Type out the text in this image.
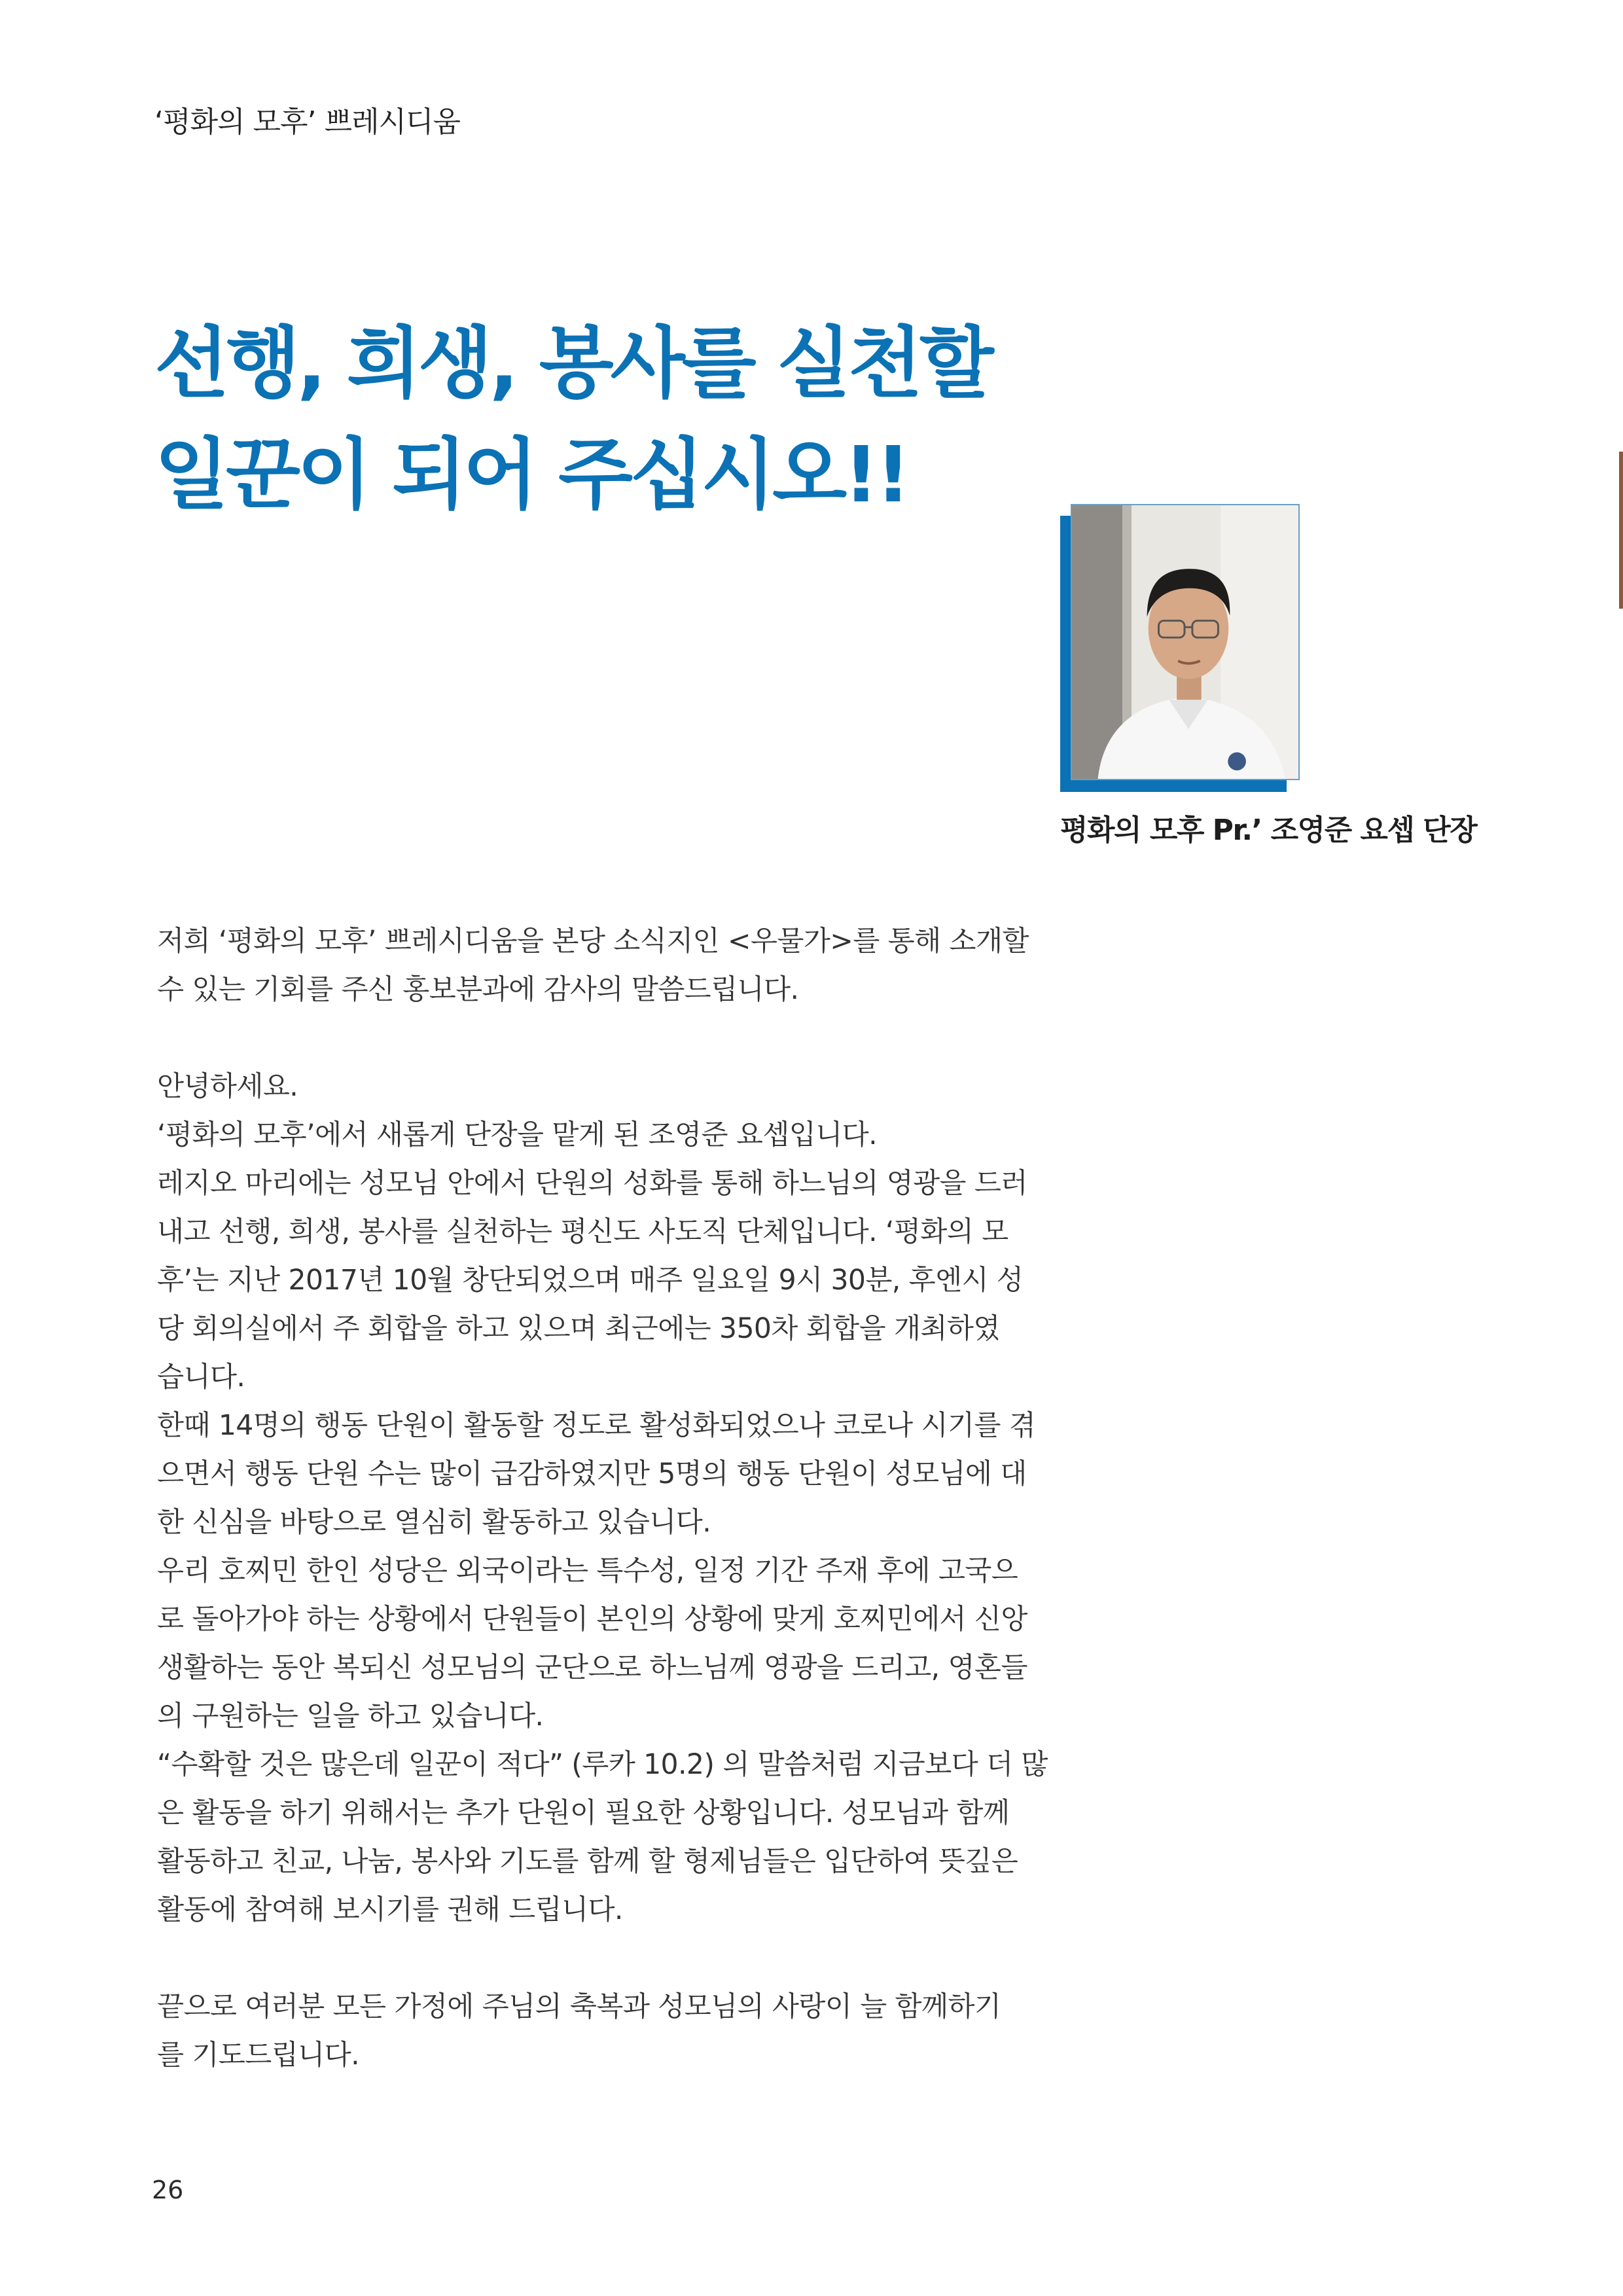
‘평화의 모후’ 쁘레시디움
선행, 희생, 봉사를 실천할
일꾼이 되어 주십시오!!
평화의 모후 Pr.’ 조영준 요셉 단장
저희 ‘평화의 모후’ 쁘레시디움을 본당 소식지인 <우물가>를 통해 소개할
수 있는 기회를 주신 홍보분과에 감사의 말씀드립니다.
안녕하세요.
‘평화의 모후’에서 새롭게 단장을 맡게 된 조영준 요셉입니다.
레지오 마리에는 성모님 안에서 단원의 성화를 통해 하느님의 영광을 드러
내고 선행, 희생, 봉사를 실천하는 평신도 사도직 단체입니다. ‘평화의 모
후’는 지난 2017년 10월 창단되었으며 매주 일요일 9시 30분, 후엔시 성
당 회의실에서 주 회합을 하고 있으며 최근에는 350차 회합을 개최하였
습니다.
한때 14명의 행동 단원이 활동할 정도로 활성화되었으나 코로나 시기를 겪
으면서 행동 단원 수는 많이 급감하였지만 5명의 행동 단원이 성모님에 대
한 신심을 바탕으로 열심히 활동하고 있습니다.
우리 호찌민 한인 성당은 외국이라는 특수성, 일정 기간 주재 후에 고국으
로 돌아가야 하는 상황에서 단원들이 본인의 상황에 맞게 호찌민에서 신앙
생활하는 동안 복되신 성모님의 군단으로 하느님께 영광을 드리고, 영혼들
의 구원하는 일을 하고 있습니다.
“수확할 것은 많은데 일꾼이 적다” (루카 10.2) 의 말씀처럼 지금보다 더 많
은 활동을 하기 위해서는 추가 단원이 필요한 상황입니다. 성모님과 함께
활동하고 친교, 나눔, 봉사와 기도를 함께 할 형제님들은 입단하여 뜻깊은
활동에 참여해 보시기를 권해 드립니다.
끝으로 여러분 모든 가정에 주님의 축복과 성모님의 사랑이 늘 함께하기
를 기도드립니다.
26
